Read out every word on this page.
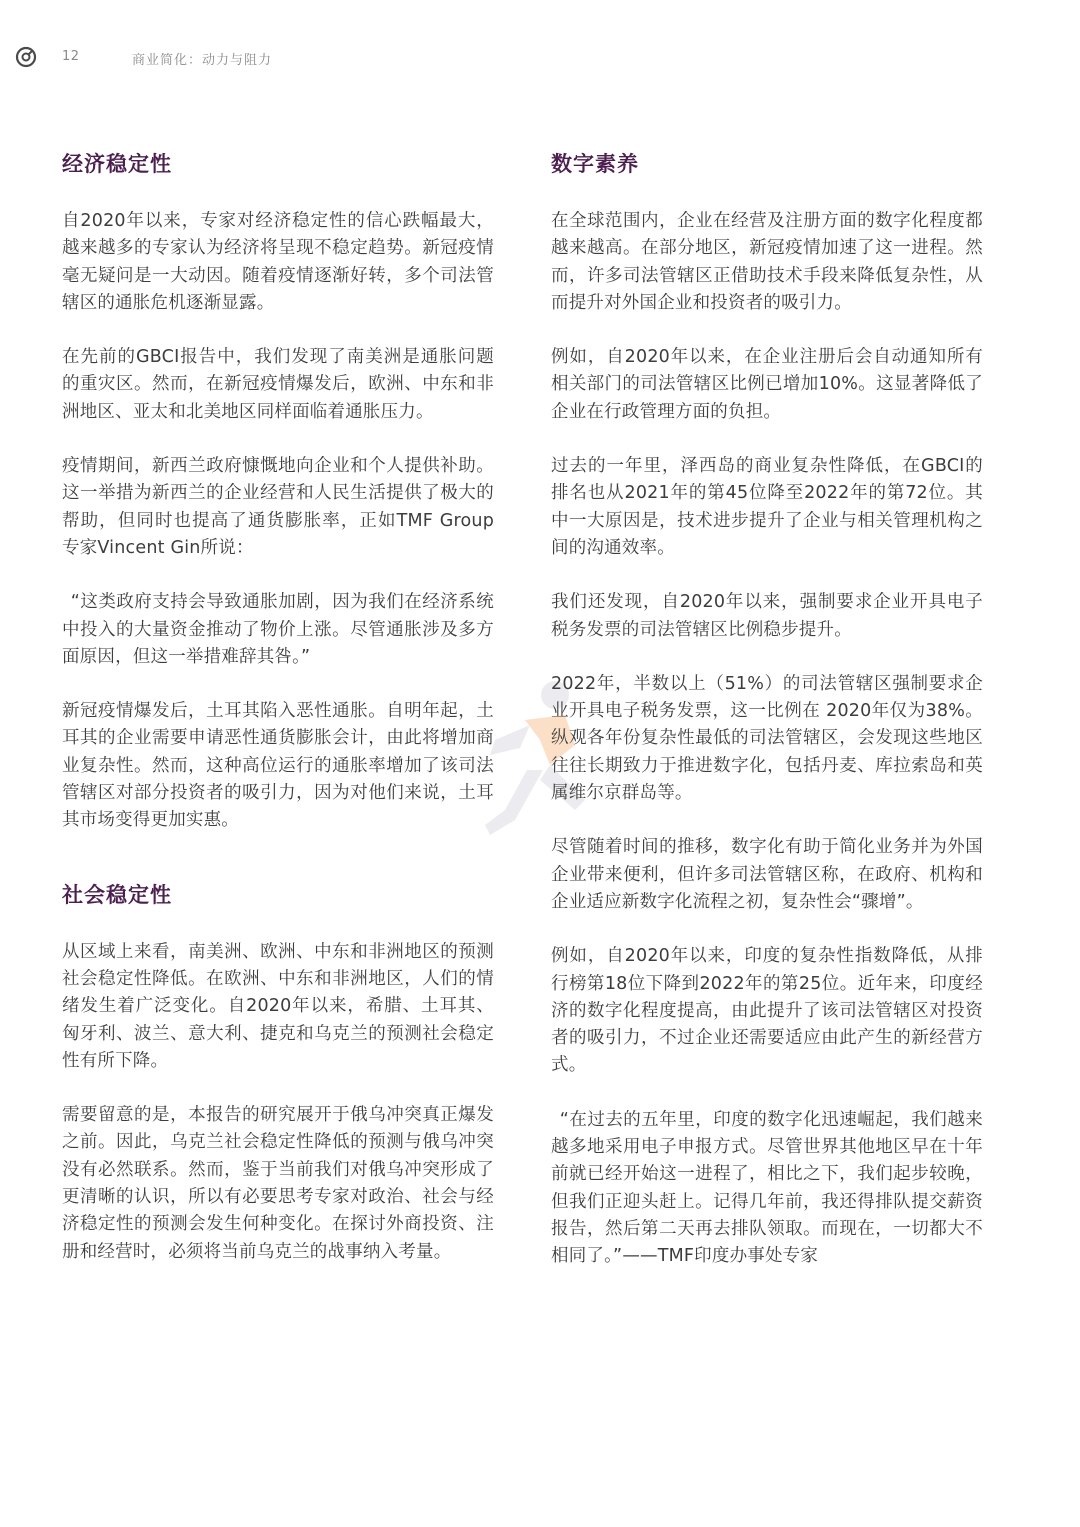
12	商业简化：动力与阻力
经济稳定性

自2020年以来，专家对经济稳定性的信心跌幅最大，越来越多的专家认为经济将呈现不稳定趋势。新冠疫情毫无疑问是一大动因。随着疫情逐渐好转，多个司法管辖区的通胀危机逐渐显露。

在先前的GBCI报告中，我们发现了南美洲是通胀问题的重灾区。然而，在新冠疫情爆发后，欧洲、中东和非洲地区、亚太和北美地区同样面临着通胀压力。

疫情期间，新西兰政府慷慨地向企业和个人提供补助。这一举措为新西兰的企业经营和人民生活提供了极大的帮助，但同时也提高了通货膨胀率，正如TMF Group专家Vincent Gin所说：

“这类政府支持会导致通胀加剧，因为我们在经济系统中投入的大量资金推动了物价上涨。尽管通胀涉及多方面原因，但这一举措难辞其咎。”

新冠疫情爆发后，土耳其陷入恶性通胀。自明年起，土耳其的企业需要申请恶性通货膨胀会计，由此将增加商业复杂性。然而，这种高位运行的通胀率增加了该司法管辖区对部分投资者的吸引力，因为对他们来说，土耳其市场变得更加实惠。

社会稳定性

从区域上来看，南美洲、欧洲、中东和非洲地区的预测社会稳定性降低。在欧洲、中东和非洲地区，人们的情绪发生着广泛变化。自2020年以来，希腊、土耳其、匈牙利、波兰、意大利、捷克和乌克兰的预测社会稳定性有所下降。

需要留意的是，本报告的研究展开于俄乌冲突真正爆发之前。因此，乌克兰社会稳定性降低的预测与俄乌冲突没有必然联系。然而，鉴于当前我们对俄乌冲突形成了更清晰的认识，所以有必要思考专家对政治、社会与经济稳定性的预测会发生何种变化。在探讨外商投资、注册和经营时，必须将当前乌克兰的战事纳入考量。

数字素养

在全球范围内，企业在经营及注册方面的数字化程度都越来越高。在部分地区，新冠疫情加速了这一进程。然而，许多司法管辖区正借助技术手段来降低复杂性，从而提升对外国企业和投资者的吸引力。

例如，自2020年以来，在企业注册后会自动通知所有相关部门的司法管辖区比例已增加10%。这显著降低了企业在行政管理方面的负担。

过去的一年里，泽西岛的商业复杂性降低，在GBCI的排名也从2021年的第45位降至2022年的第72位。其中一大原因是，技术进步提升了企业与相关管理机构之间的沟通效率。

我们还发现，自2020年以来，强制要求企业开具电子税务发票的司法管辖区比例稳步提升。

2022年，半数以上（51%）的司法管辖区强制要求企业开具电子税务发票，这一比例在 2020年仅为38%。纵观各年份复杂性最低的司法管辖区，会发现这些地区往往长期致力于推进数字化，包括丹麦、库拉索岛和英属维尔京群岛等。

尽管随着时间的推移，数字化有助于简化业务并为外国企业带来便利，但许多司法管辖区称，在政府、机构和企业适应新数字化流程之初，复杂性会“骤增”。

例如，自2020年以来，印度的复杂性指数降低，从排行榜第18位下降到2022年的第25位。近年来，印度经济的数字化程度提高，由此提升了该司法管辖区对投资者的吸引力，不过企业还需要适应由此产生的新经营方式。

“在过去的五年里，印度的数字化迅速崛起，我们越来越多地采用电子申报方式。尽管世界其他地区早在十年前就已经开始这一进程了，相比之下，我们起步较晚，但我们正迎头赶上。记得几年前，我还得排队提交薪资报告，然后第二天再去排队领取。而现在，一切都大不相同了。”——TMF印度办事处专家
